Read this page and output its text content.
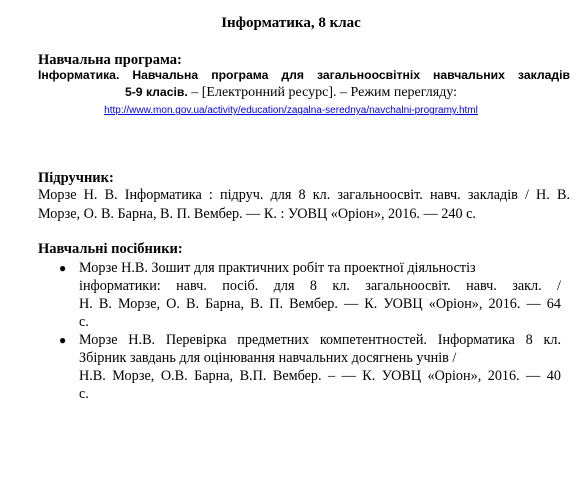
Інформатика, 8 клас
Навчальна програма:
Інформатика. Навчальна програма для загальноосвітніх навчальних закладів
5-9 класів. – [Електронний ресурс]. – Режим перегляду:
http://www.mon.gov.ua/activity/education/zagalna-serednya/navchalni-programy.html
Підручник:
Морзе Н. В. Інформатика : підруч. для 8 кл. загальноосвіт. навч. закладів / Н. В.
Морзе, О. В. Барна, В. П. Вембер. — К. : УОВЦ «Оріон», 2016. — 240 с.
Навчальні посібники:
● Морзе Н.В. Зошит для практичних робіт та проектної діяльностіз
інформатики: навч. посіб. для 8 кл. загальноосвіт. навч. закл. /
Н. В. Морзе, О. В. Барна, В. П. Вембер. — К. УОВЦ «Оріон», 2016. — 64
с.
● Морзе Н.В. Перевірка предметних компетентностей. Інформатика 8 кл.
Збірник завдань для оцінювання навчальних досягнень учнів /
Н.В. Морзе, О.В. Барна, В.П. Вембер. – — К. УОВЦ «Оріон», 2016. — 40
с.
